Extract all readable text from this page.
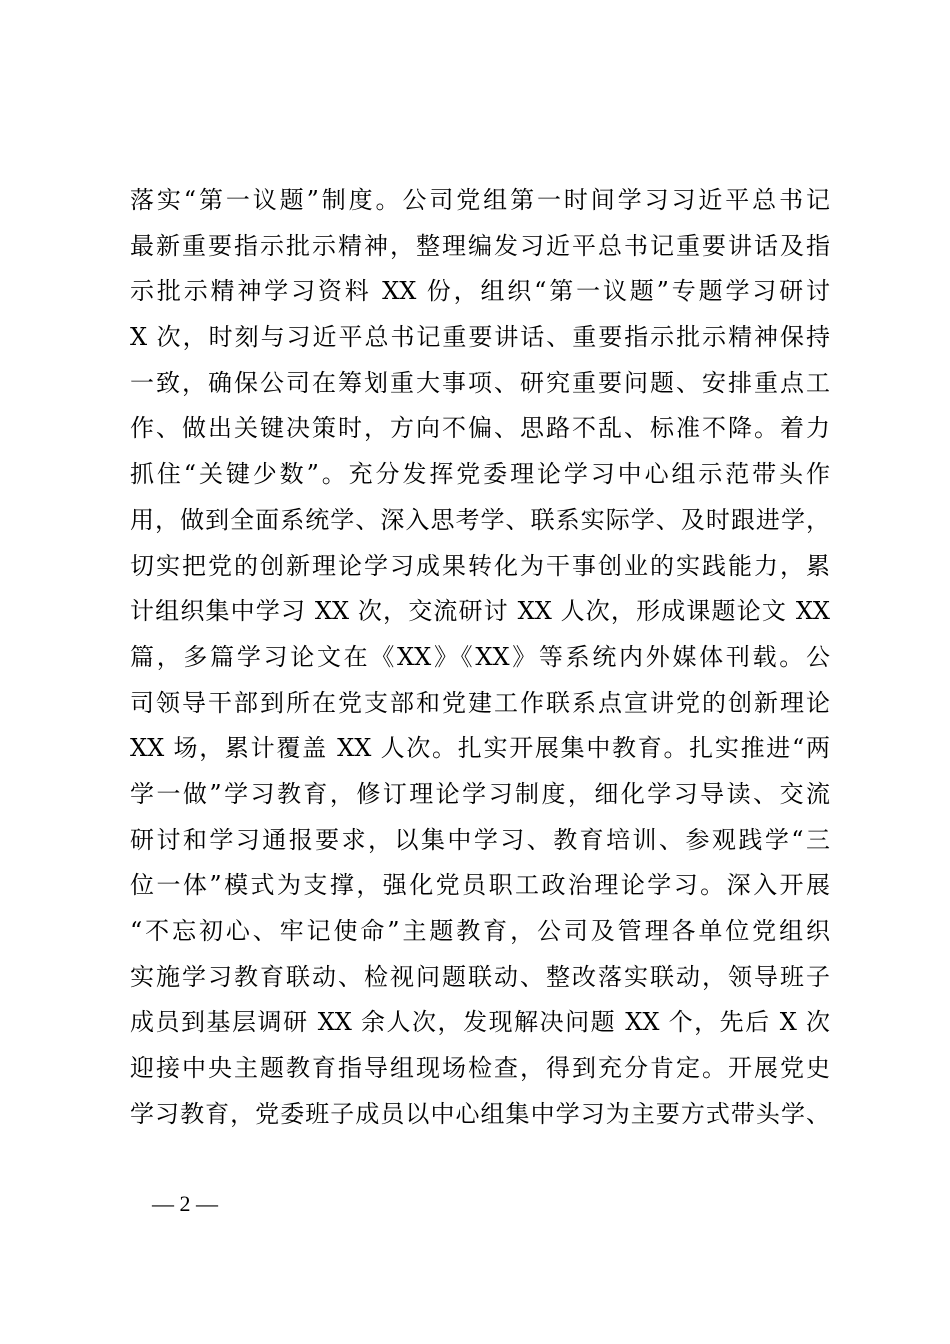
落实“第一议题”制度。公司党组第一时间学习习近平总书记
最新重要指示批示精神，整理编发习近平总书记重要讲话及指
示批示精神学习资料 XX 份，组织“第一议题”专题学习研讨
X 次，时刻与习近平总书记重要讲话、重要指示批示精神保持
一致，确保公司在筹划重大事项、研究重要问题、安排重点工
作、做出关键决策时，方向不偏、思路不乱、标准不降。着力
抓住“关键少数”。充分发挥党委理论学习中心组示范带头作
用，做到全面系统学、深入思考学、联系实际学、及时跟进学，
切实把党的创新理论学习成果转化为干事创业的实践能力，累
计组织集中学习 XX 次，交流研讨 XX 人次，形成课题论文 XX
篇，多篇学习论文在《XX》《XX》等系统内外媒体刊载。公
司领导干部到所在党支部和党建工作联系点宣讲党的创新理论
XX 场，累计覆盖 XX 人次。扎实开展集中教育。扎实推进“两
学一做”学习教育，修订理论学习制度，细化学习导读、交流
研讨和学习通报要求，以集中学习、教育培训、参观践学“三
位一体”模式为支撑，强化党员职工政治理论学习。深入开展
“不忘初心、牢记使命”主题教育，公司及管理各单位党组织
实施学习教育联动、检视问题联动、整改落实联动，领导班子
成员到基层调研 XX 余人次，发现解决问题 XX 个，先后 X 次
迎接中央主题教育指导组现场检查，得到充分肯定。开展党史
学习教育，党委班子成员以中心组集中学习为主要方式带头学、
— 2 —
